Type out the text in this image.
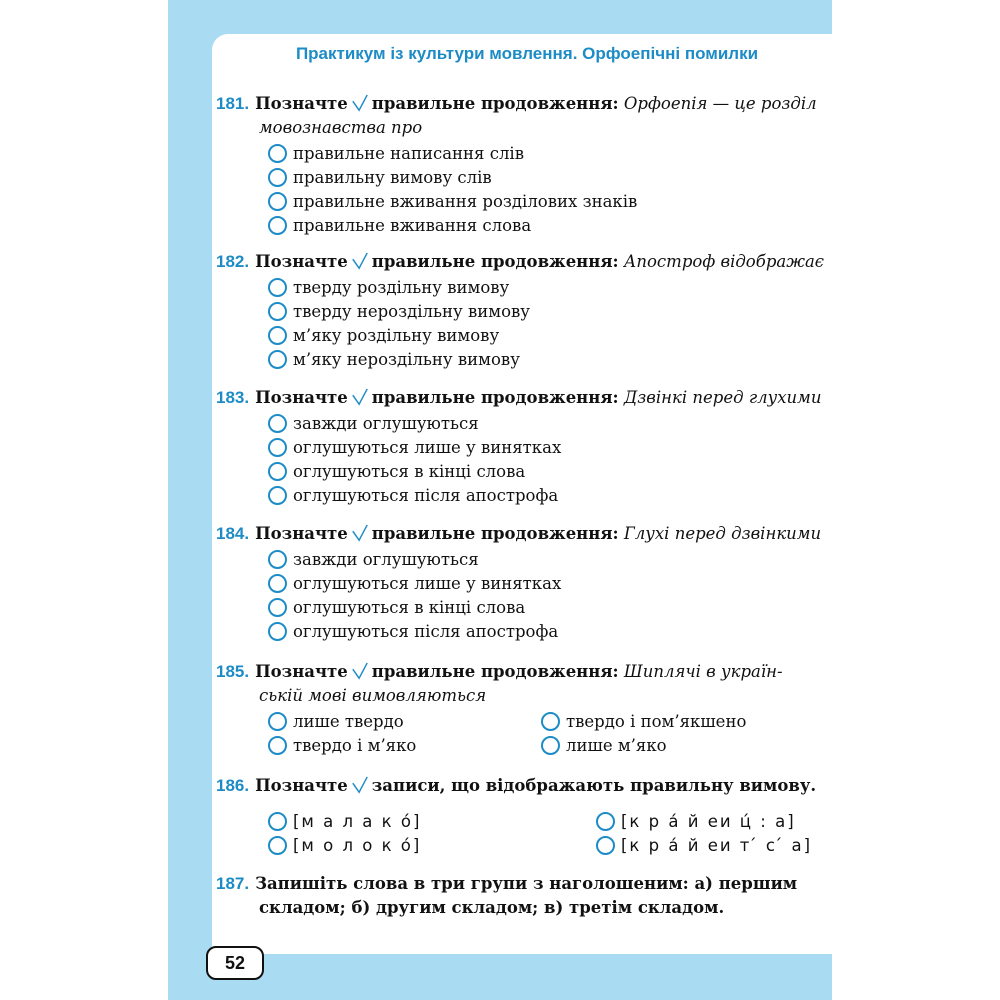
Практикум із культури мовлення. Орфоепічні помилки
181. Позначте правильне продовження: Орфоепія — це розділ
мовознавства про
правильне написання слів
правильну вимову слів
правильне вживання розділових знаків
правильне вживання слова
182. Позначте правильне продовження: Апостроф відображає
тверду роздільну вимову
тверду нероздільну вимову
м’яку роздільну вимову
м’яку нероздільну вимову
183. Позначте правильне продовження: Дзвінкі перед глухими
завжди оглушуються
оглушуються лише у винятках
оглушуються в кінці слова
оглушуються після апострофа
184. Позначте правильне продовження: Глухі перед дзвінкими
завжди оглушуються
оглушуються лише у винятках
оглушуються в кінці слова
оглушуються після апострофа
185. Позначте правильне продовження: Шиплячі в україн-
ській мові вимовляються
лише твердо	твердо і пом’якшено
твердо і м’яко	лише м’яко
186. Позначте записи, що відображають правильну вимову.
[м а л а к о́]	[к р а́ й еи ц́ : а]
[м о л о к о́]	[к р а́ й еи т ́ с ́ а]
187. Запишіть слова в три групи з наголошеним: а) першим
складом; б) другим складом; в) третім складом.
52
